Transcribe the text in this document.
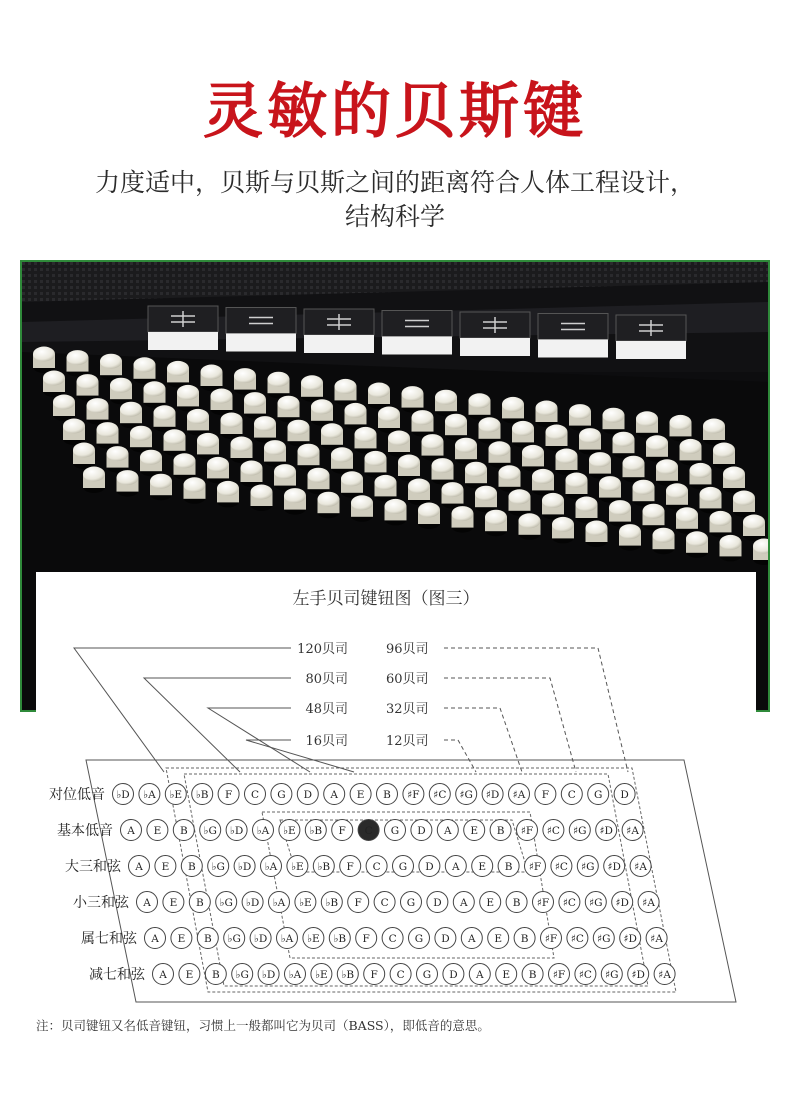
灵敏的贝斯键
力度适中，贝斯与贝斯之间的距离符合人体工程设计，
结构科学
左手贝司键钮图（图三）
120贝司
80贝司
48贝司
16贝司
96贝司
60贝司
32贝司
12贝司
对位低音
基本低音
大三和弦
小三和弦
属七和弦
减七和弦
♭D ♭A ♭E ♭B F C G D A E B ♯F ♯C ♯G ♯D ♯A F C G D
A E B ♭G ♭D ♭A ♭E ♭B F C G D A E B ♯F ♯C ♯G ♯D ♯A
A E B ♭G ♭D ♭A ♭E ♭B F C G D A E B ♯F ♯C ♯G ♯D ♯A
A E B ♭G ♭D ♭A ♭E ♭B F C G D A E B ♯F ♯C ♯G ♯D ♯A
A E B ♭G ♭D ♭A ♭E ♭B F C G D A E B ♯F ♯C ♯G ♯D ♯A
A E B ♭G ♭D ♭A ♭E ♭B F C G D A E B ♯F ♯C ♯G ♯D ♯A
注：贝司键钮又名低音键钮，习惯上一般都叫它为贝司（BASS），即低音的意思。
